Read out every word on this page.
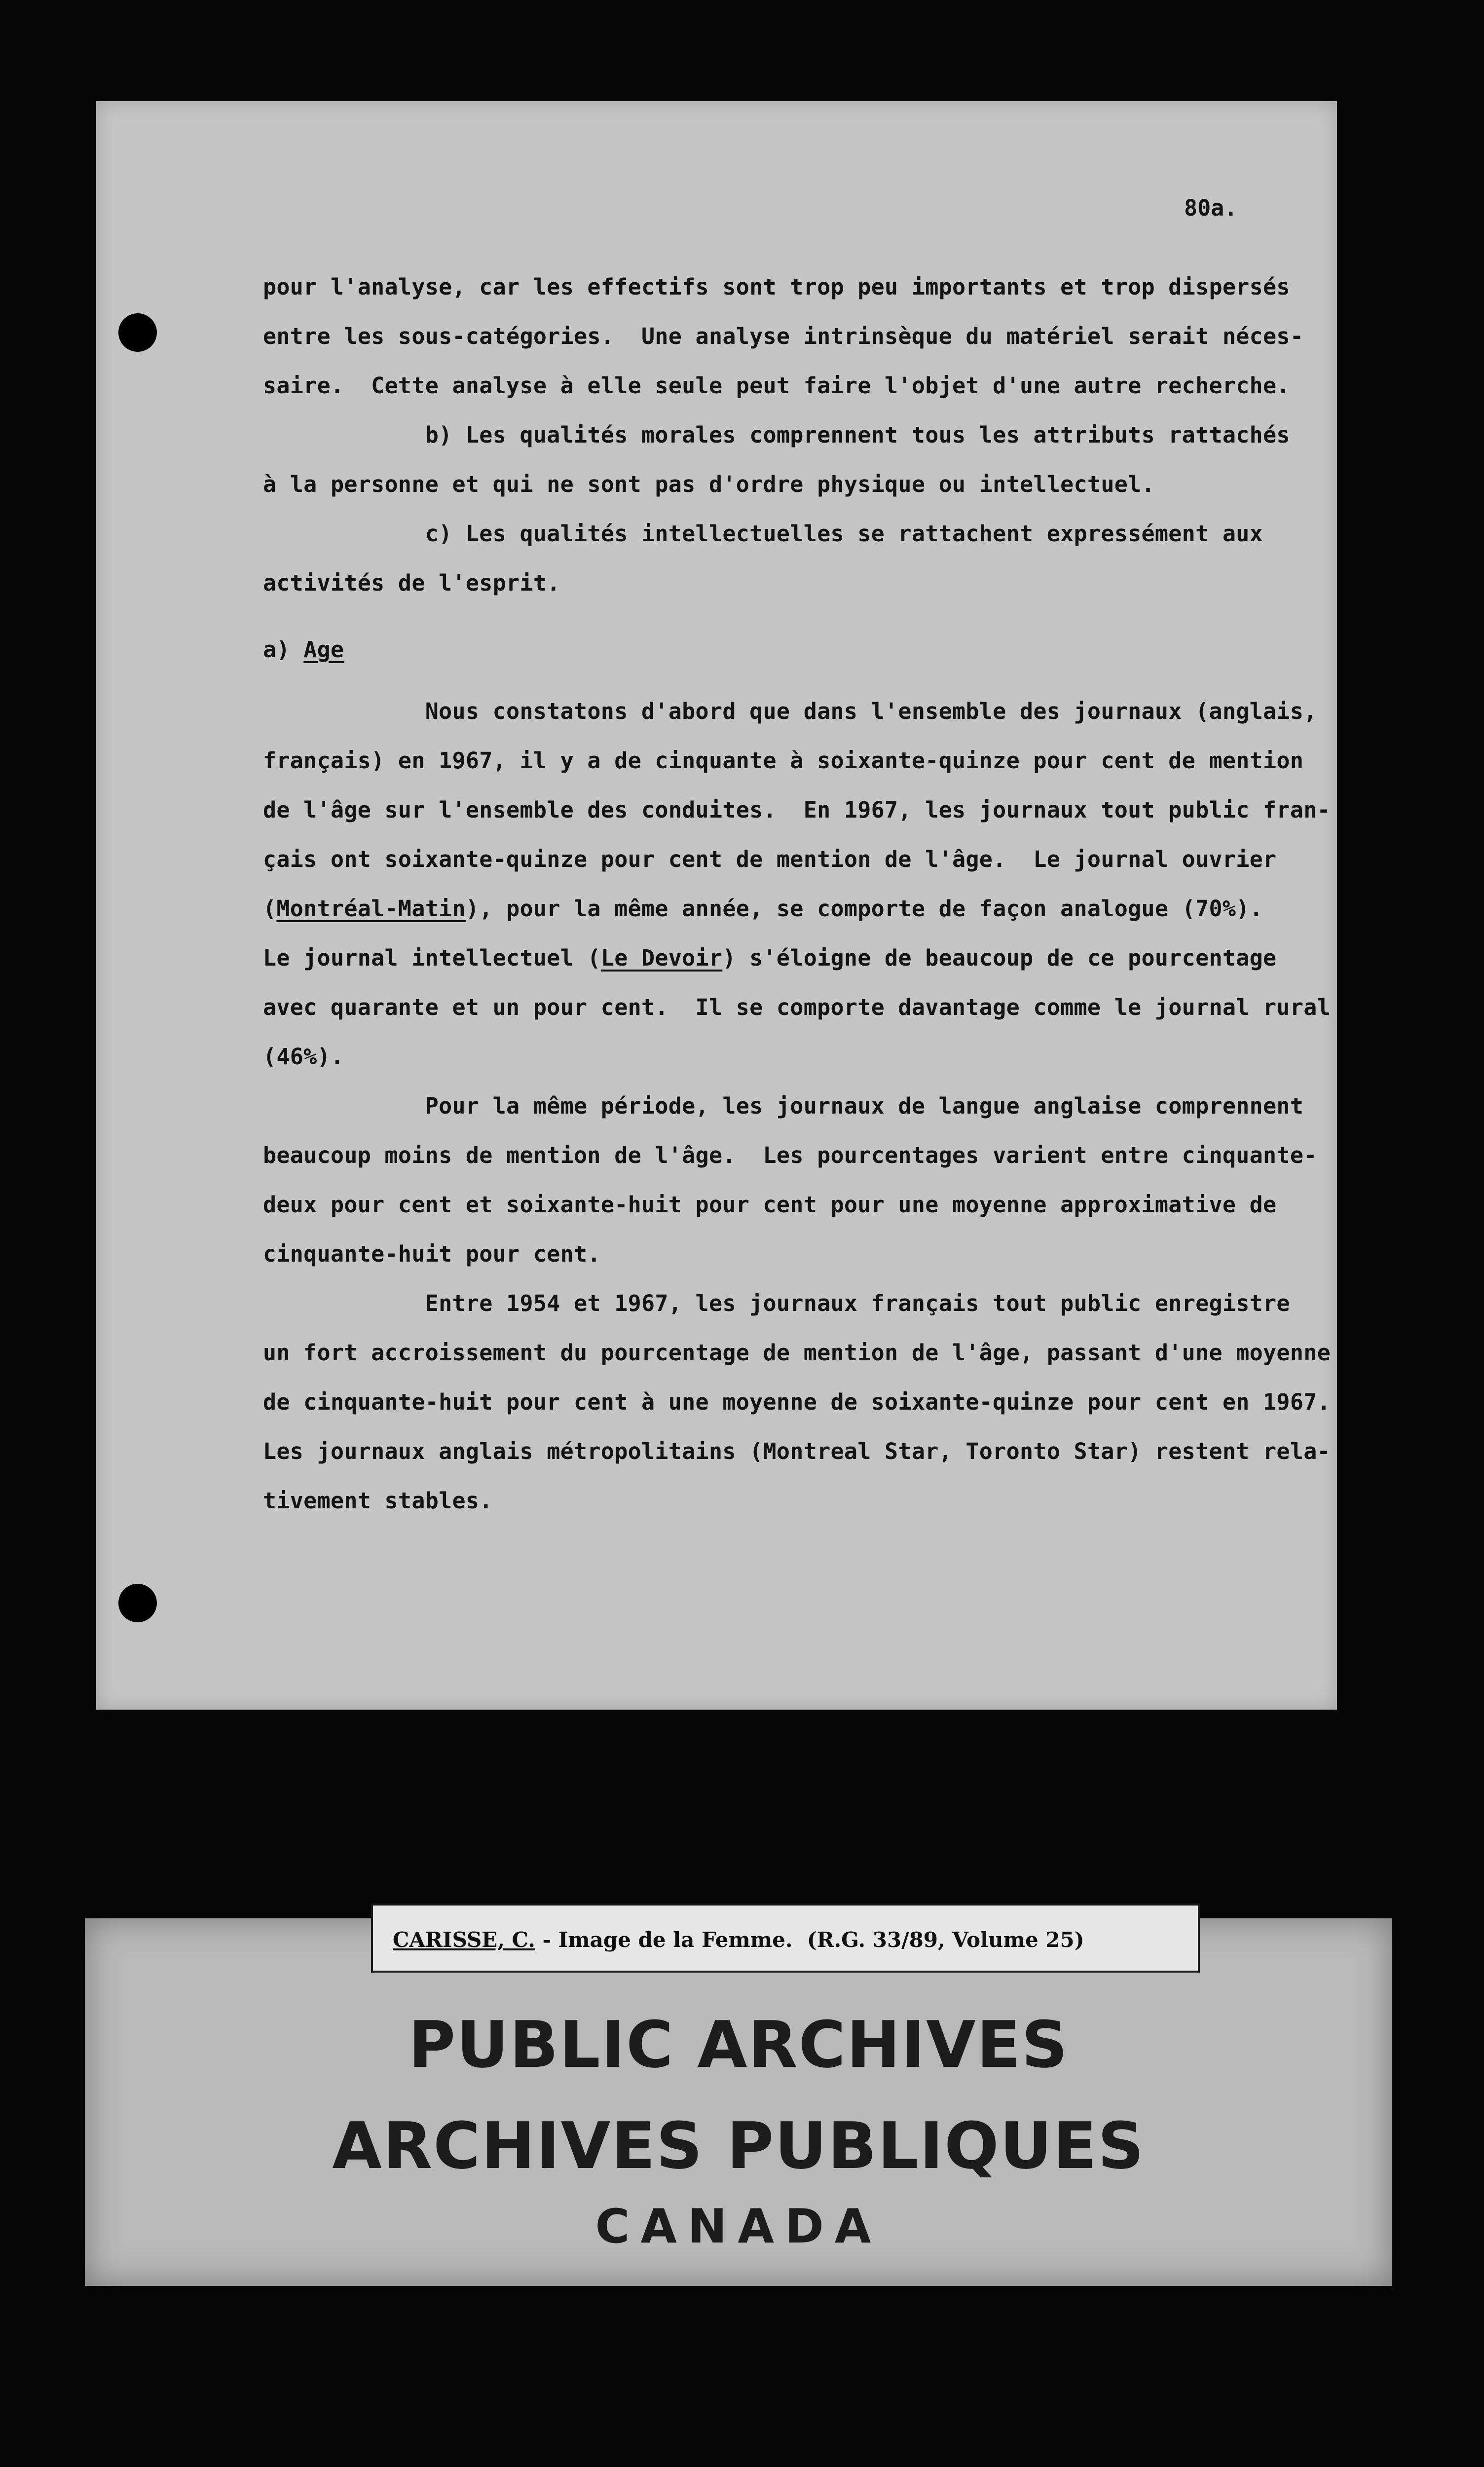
80a.
pour l'analyse, car les effectifs sont trop peu importants et trop dispersés
entre les sous-catégories.  Une analyse intrinsèque du matériel serait néces-
saire.  Cette analyse à elle seule peut faire l'objet d'une autre recherche.
b) Les qualités morales comprennent tous les attributs rattachés
à la personne et qui ne sont pas d'ordre physique ou intellectuel.
c) Les qualités intellectuelles se rattachent expressément aux
activités de l'esprit.
a) Age
Nous constatons d'abord que dans l'ensemble des journaux (anglais,
français) en 1967, il y a de cinquante à soixante-quinze pour cent de mention
de l'âge sur l'ensemble des conduites.  En 1967, les journaux tout public fran-
çais ont soixante-quinze pour cent de mention de l'âge.  Le journal ouvrier
(Montréal-Matin), pour la même année, se comporte de façon analogue (70%).
Le journal intellectuel (Le Devoir) s'éloigne de beaucoup de ce pourcentage
avec quarante et un pour cent.  Il se comporte davantage comme le journal rural
(46%).
Pour la même période, les journaux de langue anglaise comprennent
beaucoup moins de mention de l'âge.  Les pourcentages varient entre cinquante-
deux pour cent et soixante-huit pour cent pour une moyenne approximative de
cinquante-huit pour cent.
Entre 1954 et 1967, les journaux français tout public enregistre
un fort accroissement du pourcentage de mention de l'âge, passant d'une moyenne
de cinquante-huit pour cent à une moyenne de soixante-quinze pour cent en 1967.
Les journaux anglais métropolitains (Montreal Star, Toronto Star) restent rela-
tivement stables.
CARISSE, C. - Image de la Femme.  (R.G. 33/89, Volume 25)
PUBLIC ARCHIVES
ARCHIVES PUBLIQUES
CANADA
